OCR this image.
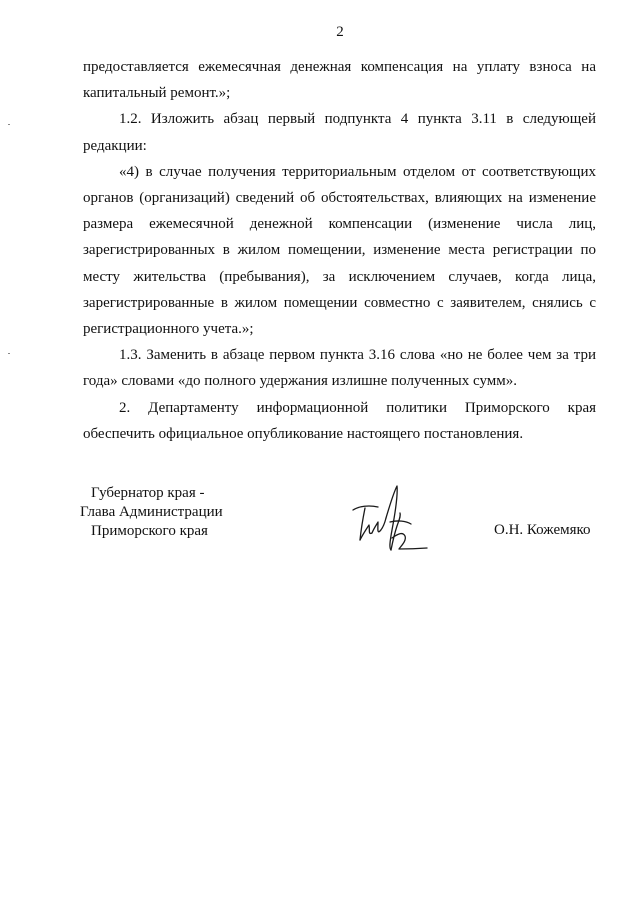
2

предоставляется ежемесячная денежная компенсация на уплату взноса на капитальный ремонт.»;

1.2. Изложить абзац первый подпункта 4 пункта 3.11 в следующей редакции:

«4) в случае получения территориальным отделом от соответствующих органов (организаций) сведений об обстоятельствах, влияющих на изменение размера ежемесячной денежной компенсации (изменение числа лиц, зарегистрированных в жилом помещении, изменение места регистрации по месту жительства (пребывания), за исключением случаев, когда лица, зарегистрированные в жилом помещении совместно с заявителем, снялись с регистрационного учета.»;

1.3. Заменить в абзаце первом пункта 3.16 слова «но не более чем за три года» словами «до полного удержания излишне полученных сумм».

2. Департаменту информационной политики Приморского края обеспечить официальное опубликование настоящего постановления.

Губернатор края -
Глава Администрации
Приморского края	О.Н. Кожемяко
